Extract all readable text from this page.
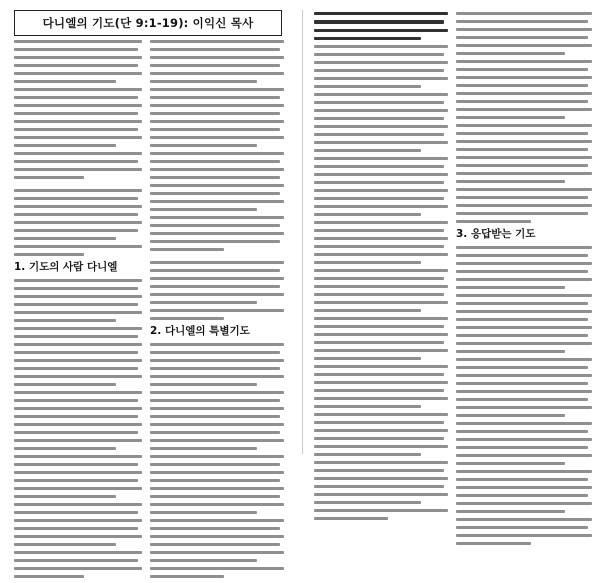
다니엘의 기도(단 9:1-19): 이익신 목사
1. 기도의 사람 다니엘
2. 다니엘의 특별기도
3. 응답받는 기도
